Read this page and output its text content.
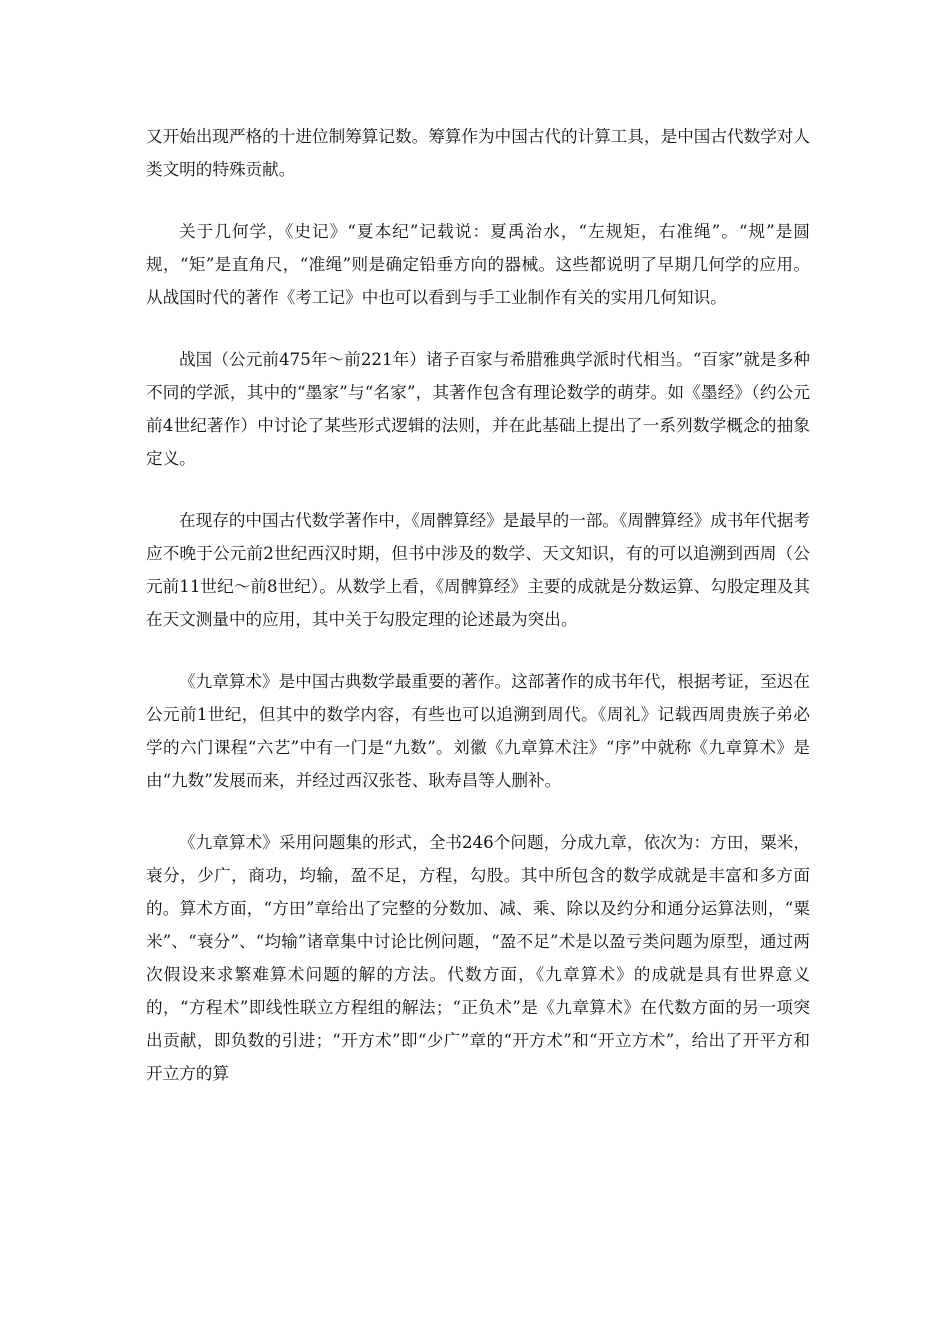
又开始出现严格的十进位制筹算记数。筹算作为中国古代的计算工具，是中国古代数学对人类文明的特殊贡献。

关于几何学，《史记》“夏本纪”记载说：夏禹治水，“左规矩，右准绳”。“规”是圆规，“矩”是直角尺，“准绳”则是确定铅垂方向的器械。这些都说明了早期几何学的应用。从战国时代的著作《考工记》中也可以看到与手工业制作有关的实用几何知识。

战国（公元前475年～前221年）诸子百家与希腊雅典学派时代相当。“百家”就是多种不同的学派，其中的“墨家”与“名家”，其著作包含有理论数学的萌芽。如《墨经》（约公元前4世纪著作）中讨论了某些形式逻辑的法则，并在此基础上提出了一系列数学概念的抽象定义。

在现存的中国古代数学著作中，《周髀算经》是最早的一部。《周髀算经》成书年代据考应不晚于公元前2世纪西汉时期，但书中涉及的数学、天文知识，有的可以追溯到西周（公元前11世纪～前8世纪）。从数学上看，《周髀算经》主要的成就是分数运算、勾股定理及其在天文测量中的应用，其中关于勾股定理的论述最为突出。

《九章算术》是中国古典数学最重要的著作。这部著作的成书年代，根据考证，至迟在公元前1世纪，但其中的数学内容，有些也可以追溯到周代。《周礼》记载西周贵族子弟必学的六门课程“六艺”中有一门是“九数”。刘徽《九章算术注》“序”中就称《九章算术》是由“九数”发展而来，并经过西汉张苍、耿寿昌等人删补。

《九章算术》采用问题集的形式，全书246个问题，分成九章，依次为：方田，粟米，衰分，少广，商功，均输，盈不足，方程，勾股。其中所包含的数学成就是丰富和多方面的。算术方面，“方田”章给出了完整的分数加、减、乘、除以及约分和通分运算法则，“粟米”、“衰分”、“均输”诸章集中讨论比例问题，“盈不足”术是以盈亏类问题为原型，通过两次假设来求繁难算术问题的解的方法。代数方面，《九章算术》的成就是具有世界意义的，“方程术”即线性联立方程组的解法；“正负术”是《九章算术》在代数方面的另一项突出贡献，即负数的引进；“开方术”即“少广”章的“开方术”和“开立方术”，给出了开平方和开立方的算
